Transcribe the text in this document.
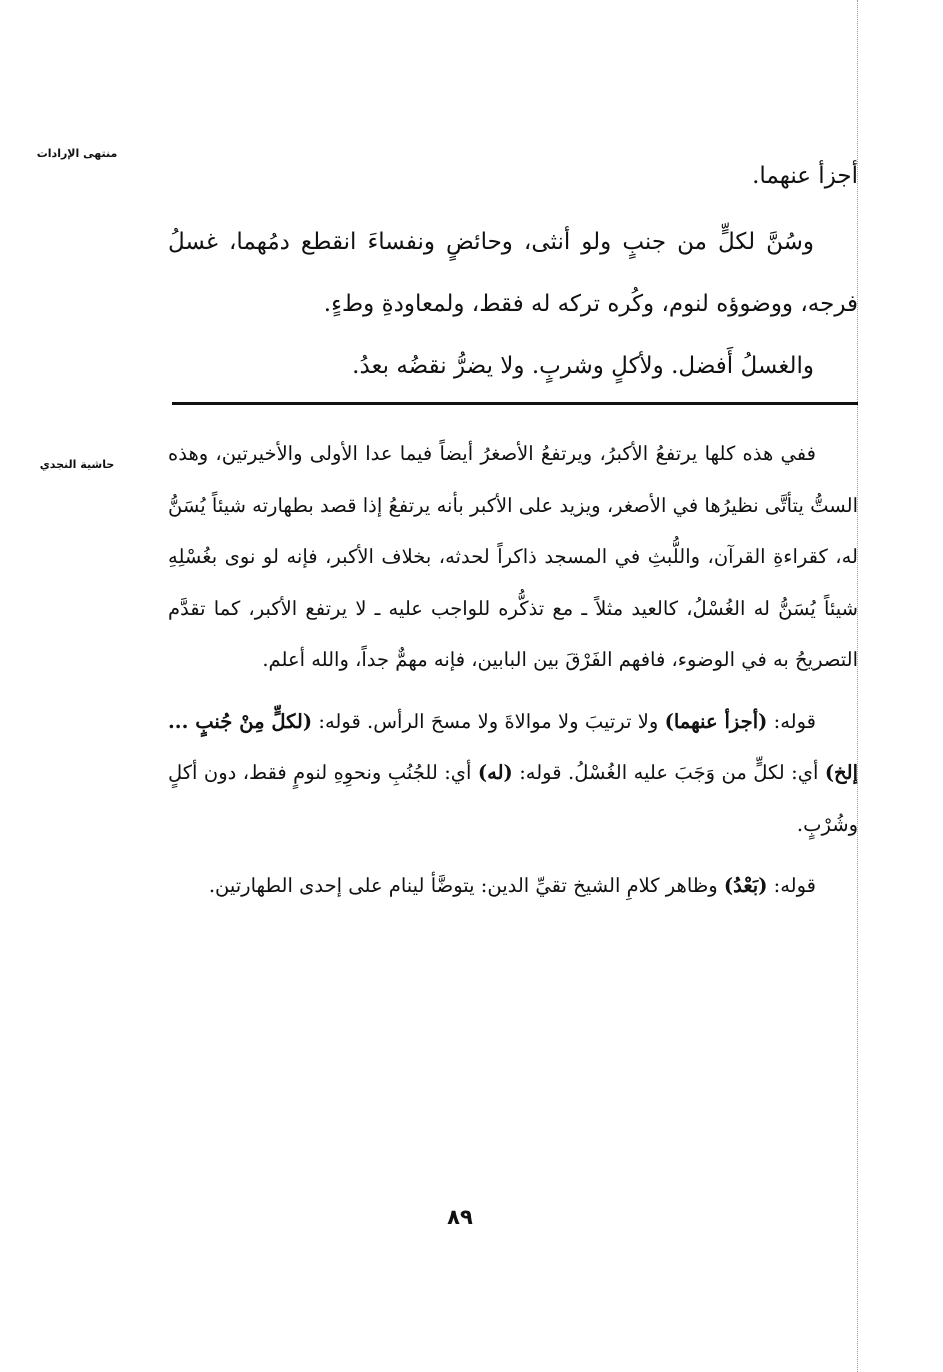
منتهى الإرادات
حاشية النجدي

أجزأ عنهما.

وسُنَّ لكلٍّ من جنبٍ ولو أنثى، وحائضٍ ونفساءَ انقطع دمُهما، غسلُ فرجه، ووضوؤه لنوم، وكُره تركه له فقط، ولمعاودةِ وطءٍ.

والغسلُ أَفضل. ولأكلٍ وشربٍ. ولا يضرُّ نقضُه بعدُ.

ففي هذه كلها يرتفعُ الأكبرُ، ويرتفعُ الأصغرُ أيضاً فيما عدا الأولى والأخيرتين، وهذه الستُّ يتأتَّى نظيرُها في الأصغر، ويزيد على الأكبر بأنه يرتفعُ إذا قصد بطهارته شيئاً يُسَنُّ له، كقراءةِ القرآن، واللُّبثِ في المسجد ذاكراً لحدثه، بخلاف الأكبر، فإنه لو نوى بغُسْلِهِ شيئاً يُسَنُّ له الغُسْلُ، كالعيد مثلاً ـ مع تذكُّره للواجب عليه ـ لا يرتفع الأكبر، كما تقدَّم التصريحُ به في الوضوء، فافهم الفَرْقَ بين البابين، فإنه مهمٌّ جداً، والله أعلم.

قوله: (أجزأ عنهما) ولا ترتيبَ ولا موالاةَ ولا مسحَ الرأس. قوله: (لكلٍّ مِنْ جُنبٍ ... إلخ) أي: لكلٍّ من وَجَبَ عليه الغُسْلُ. قوله: (له) أي: للجُنُبِ ونحوِهِ لنومٍ فقط، دون أكلٍ وشُرْبٍ.

قوله: (بَعْدُ) وظاهر كلامِ الشيخ تقيِّ الدين: يتوضَّأ لينام على إحدى الطهارتين.

٨٩
